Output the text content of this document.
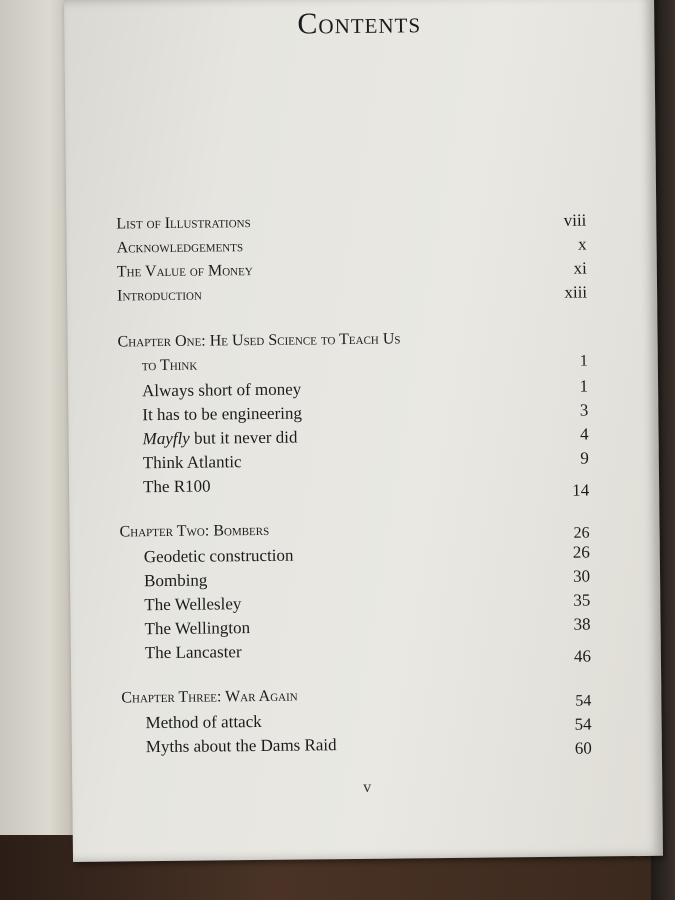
Contents
List of Illustrations	viii
Acknowledgements	x
The Value of Money	xi
Introduction	xiii
Chapter One: He Used Science to Teach Us
to Think	1
Always short of money	1
It has to be engineering	3
Mayfly but it never did	4
Think Atlantic	9
The R100	14
Chapter Two: Bombers	26
Geodetic construction	26
Bombing	30
The Wellesley	35
The Wellington	38
The Lancaster	46
Chapter Three: War Again	54
Method of attack	54
Myths about the Dams Raid	60
v
